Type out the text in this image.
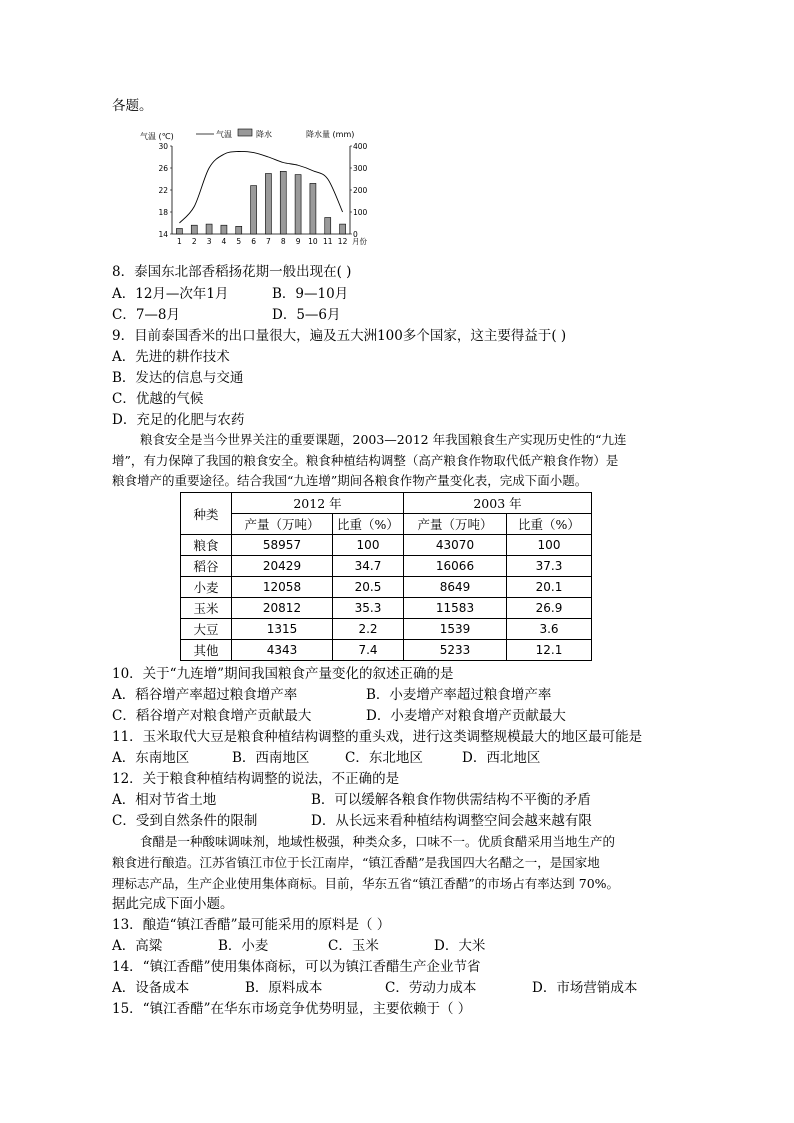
各题。
气温 (℃)	气温	降水	降水量 (mm)
30
26
22
18
14
400
300
200
100
0
1 2 3 4 5 6 7 8 9 10 11 12 月份
8．泰国东北部香稻扬花期一般出现在( )
A．12月—次年1月	B．9—10月
C．7—8月	D．5—6月
9．目前泰国香米的出口量很大，遍及五大洲100多个国家，这主要得益于( )
A．先进的耕作技术
B．发达的信息与交通
C．优越的气候
D．充足的化肥与农药
粮食安全是当今世界关注的重要课题，2003—2012 年我国粮食生产实现历史性的“九连
增”，有力保障了我国的粮食安全。粮食种植结构调整（高产粮食作物取代低产粮食作物）是
粮食增产的重要途径。结合我国“九连增”期间各粮食作物产量变化表，完成下面小题。
种类	2012 年		2003 年	
	产量（万吨）	比重（%）	产量（万吨）	比重（%）
粮食	58957	100	43070	100
稻谷	20429	34.7	16066	37.3
小麦	12058	20.5	8649	20.1
玉米	20812	35.3	11583	26.9
大豆	1315	2.2	1539	3.6
其他	4343	7.4	5233	12.1
10．关于“九连增”期间我国粮食产量变化的叙述正确的是
A．稻谷增产率超过粮食增产率	B．小麦增产率超过粮食增产率
C．稻谷增产对粮食增产贡献最大	D．小麦增产对粮食增产贡献最大
11．玉米取代大豆是粮食种植结构调整的重头戏，进行这类调整规模最大的地区最可能是
A．东南地区	B．西南地区	C．东北地区	D．西北地区
12．关于粮食种植结构调整的说法，不正确的是
A．相对节省土地	B．可以缓解各粮食作物供需结构不平衡的矛盾
C．受到自然条件的限制	D．从长远来看种植结构调整空间会越来越有限
食醋是一种酸味调味剂，地域性极强，种类众多，口味不一。优质食醋采用当地生产的
粮食进行酿造。江苏省镇江市位于长江南岸，“镇江香醋”是我国四大名醋之一，是国家地
理标志产品，生产企业使用集体商标。目前，华东五省“镇江香醋”的市场占有率达到 70%。
据此完成下面小题。
13．酿造“镇江香醋”最可能采用的原料是（ ）
A．高粱	B．小麦	C．玉米	D．大米
14．“镇江香醋”使用集体商标，可以为镇江香醋生产企业节省
A．设备成本	B．原料成本	C．劳动力成本	D．市场营销成本
15．“镇江香醋”在华东市场竞争优势明显，主要依赖于（ ）
